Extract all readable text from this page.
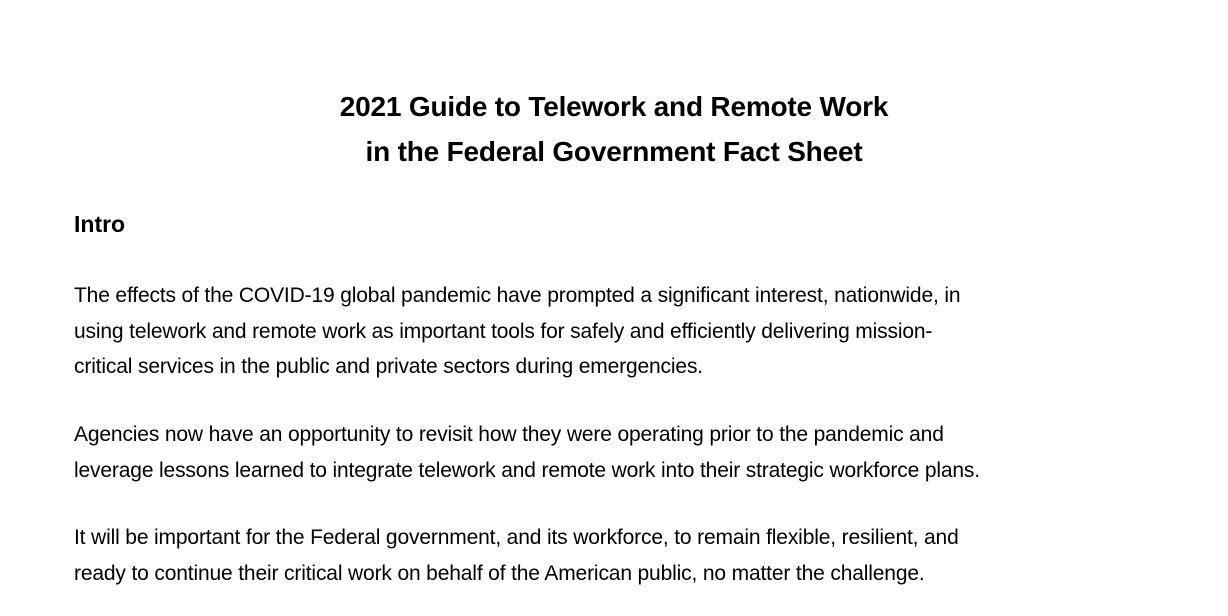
2021 Guide to Telework and Remote Work
in the Federal Government Fact Sheet
Intro
The effects of the COVID-19 global pandemic have prompted a significant interest, nationwide, in
using telework and remote work as important tools for safely and efficiently delivering mission-
critical services in the public and private sectors during emergencies.
Agencies now have an opportunity to revisit how they were operating prior to the pandemic and
leverage lessons learned to integrate telework and remote work into their strategic workforce plans.
It will be important for the Federal government, and its workforce, to remain flexible, resilient, and
ready to continue their critical work on behalf of the American public, no matter the challenge.
